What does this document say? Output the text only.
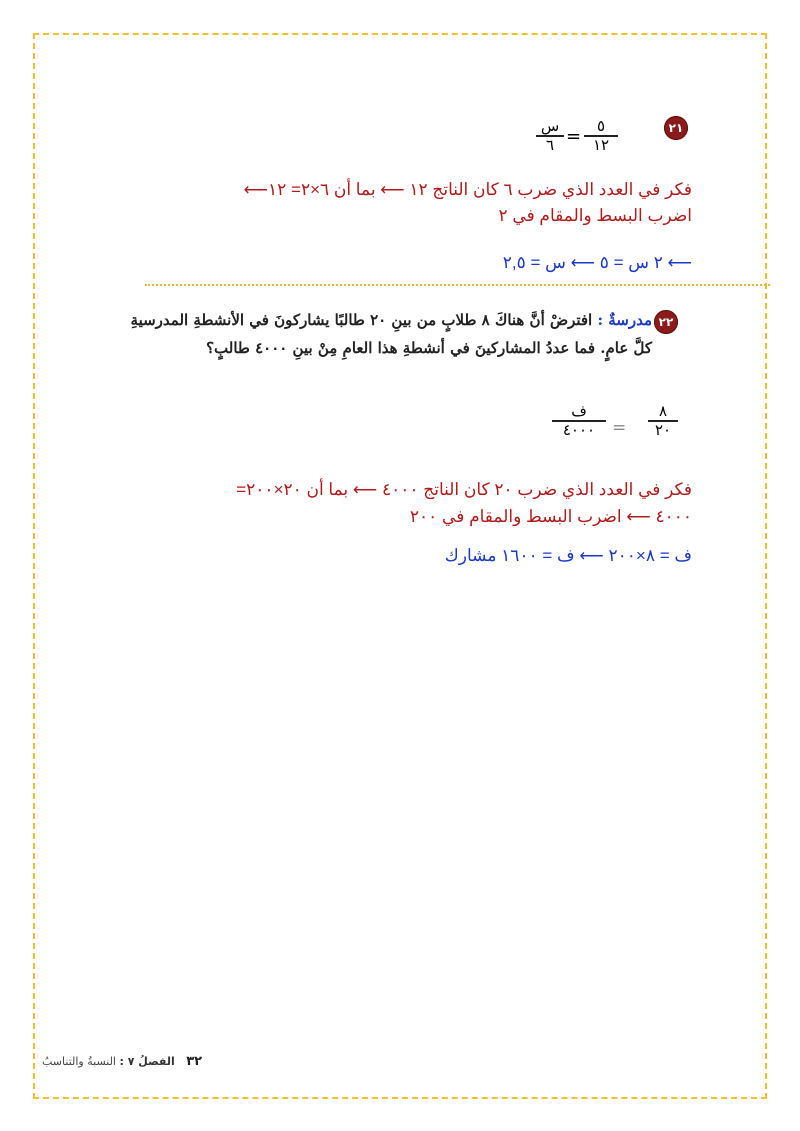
٢١
٥
١٢
=
س
٦
فكر في العدد الذي ضرب ٦ كان الناتج ١٢ ⟵ بما أن ٦×٢= ١٢⟵
اضرب البسط والمقام في ٢
⟵ ٢ س = ٥ ⟵ س = ٢,٥
٢٢
مدرسةٌ : افترضْ أنَّ هناكَ ٨ طلابٍ من بينِ ٢٠ طالبًا يشاركونَ في الأنشطةِ المدرسيةِ
كلَّ عامٍ. فما عددُ المشاركينَ في أنشطةِ هذا العامِ مِنْ بينِ ٤٠٠٠ طالبٍ؟
٨
٢٠
=
ف
٤٠٠٠
فكر في العدد الذي ضرب ٢٠ كان الناتج ٤٠٠٠ ⟵ بما أن ٢٠×٢٠٠=
٤٠٠٠ ⟵ اضرب البسط والمقام في ٢٠٠
ف = ٨×٢٠٠ ⟵ ف = ١٦٠٠ مشارك
٣٢ الفصلُ ٧ : النسبةُ والتناسبُ
